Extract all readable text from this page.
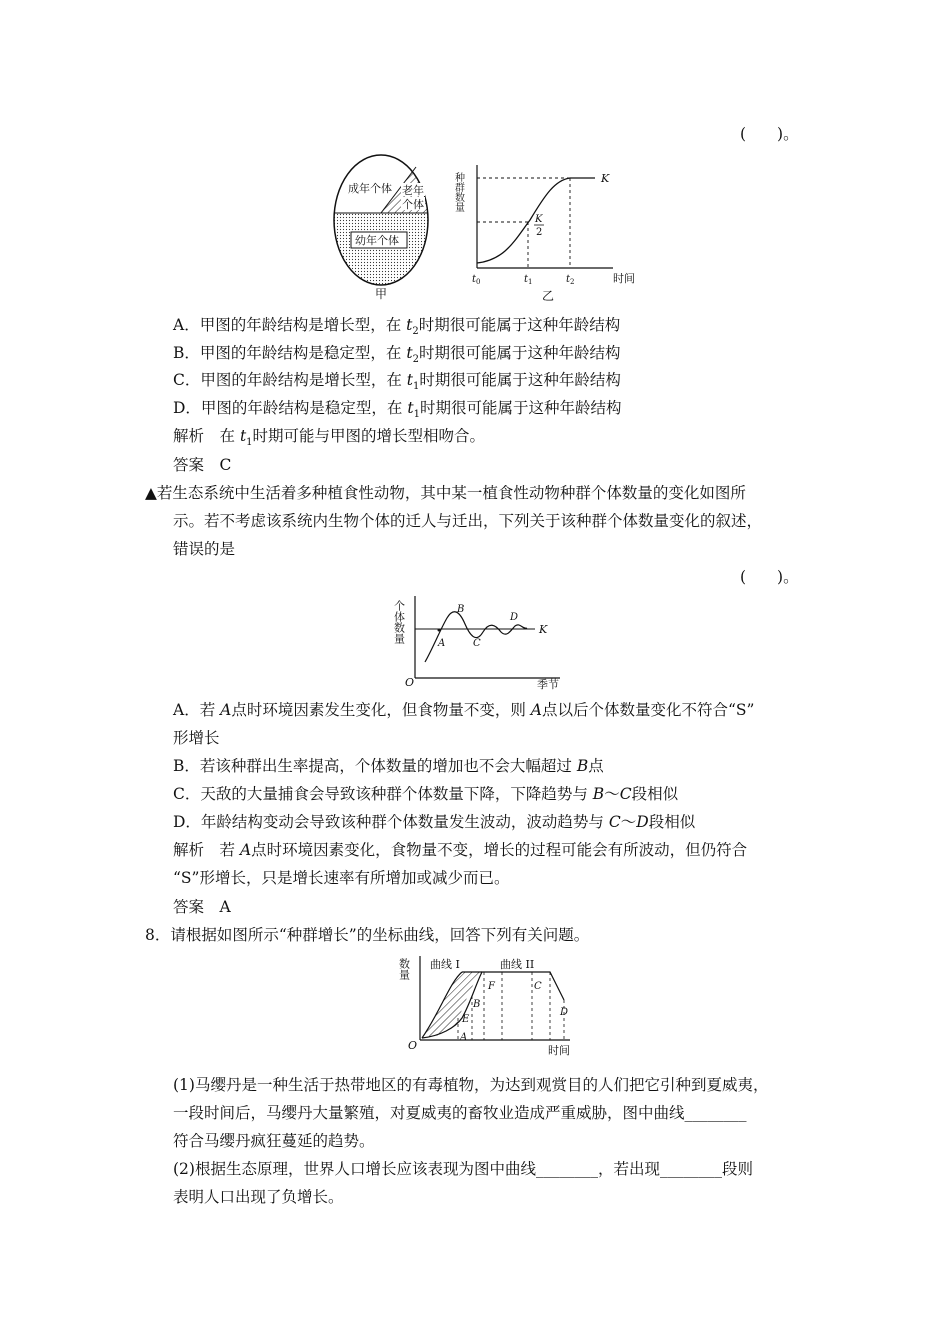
(　　)。
成年个体 老年
个体
幼年个体
甲
种群数量	K
K
2
t 0	t 1	t 2	时间
乙
A．甲图的年龄结构是增长型，在 $t_2$时期很可能属于这种年龄结构
B．甲图的年龄结构是稳定型，在 $t_2$时期很可能属于这种年龄结构
C．甲图的年龄结构是增长型，在 $t_1$时期很可能属于这种年龄结构
D．甲图的年龄结构是稳定型，在 $t_1$时期很可能属于这种年龄结构
解析　在 $t_1$时期可能与甲图的增长型相吻合。
答案　C
▲若生态系统中生活着多种植食性动物，其中某一植食性动物种群个体数量的变化如图所
示。若不考虑该系统内生物个体的迁人与迁出，下列关于该种群个体数量变化的叙述，
错误的是
(　　)。
个体数量
O	季节
A
B
C
D
K
A．若 A点时环境因素发生变化，但食物量不变，则 A点以后个体数量变化不符合“S”
形增长
B．若该种群出生率提高，个体数量的增加也不会大幅超过 B点
C．天敌的大量捕食会导致该种群个体数量下降，下降趋势与 B～C段相似
D．年龄结构变动会导致该种群个体数量发生波动，波动趋势与 C～D段相似
解析　若 A点时环境因素变化，食物量不变，增长的过程可能会有所波动，但仍符合
“S”形增长，只是增长速率有所增加或减少而已。
答案　A
8．请根据如图所示“种群增长”的坐标曲线，回答下列有关问题。
数量 曲线 I	曲线 II
O	时间
A
B
C
D
E
F
(1)马缨丹是一种生活于热带地区的有毒植物，为达到观赏目的人们把它引种到夏威夷，
一段时间后，马缨丹大量繁殖，对夏威夷的畜牧业造成严重威胁，图中曲线________
符合马缨丹疯狂蔓延的趋势。
(2)根据生态原理，世界人口增长应该表现为图中曲线________，若出现________段则
表明人口出现了负增长。
